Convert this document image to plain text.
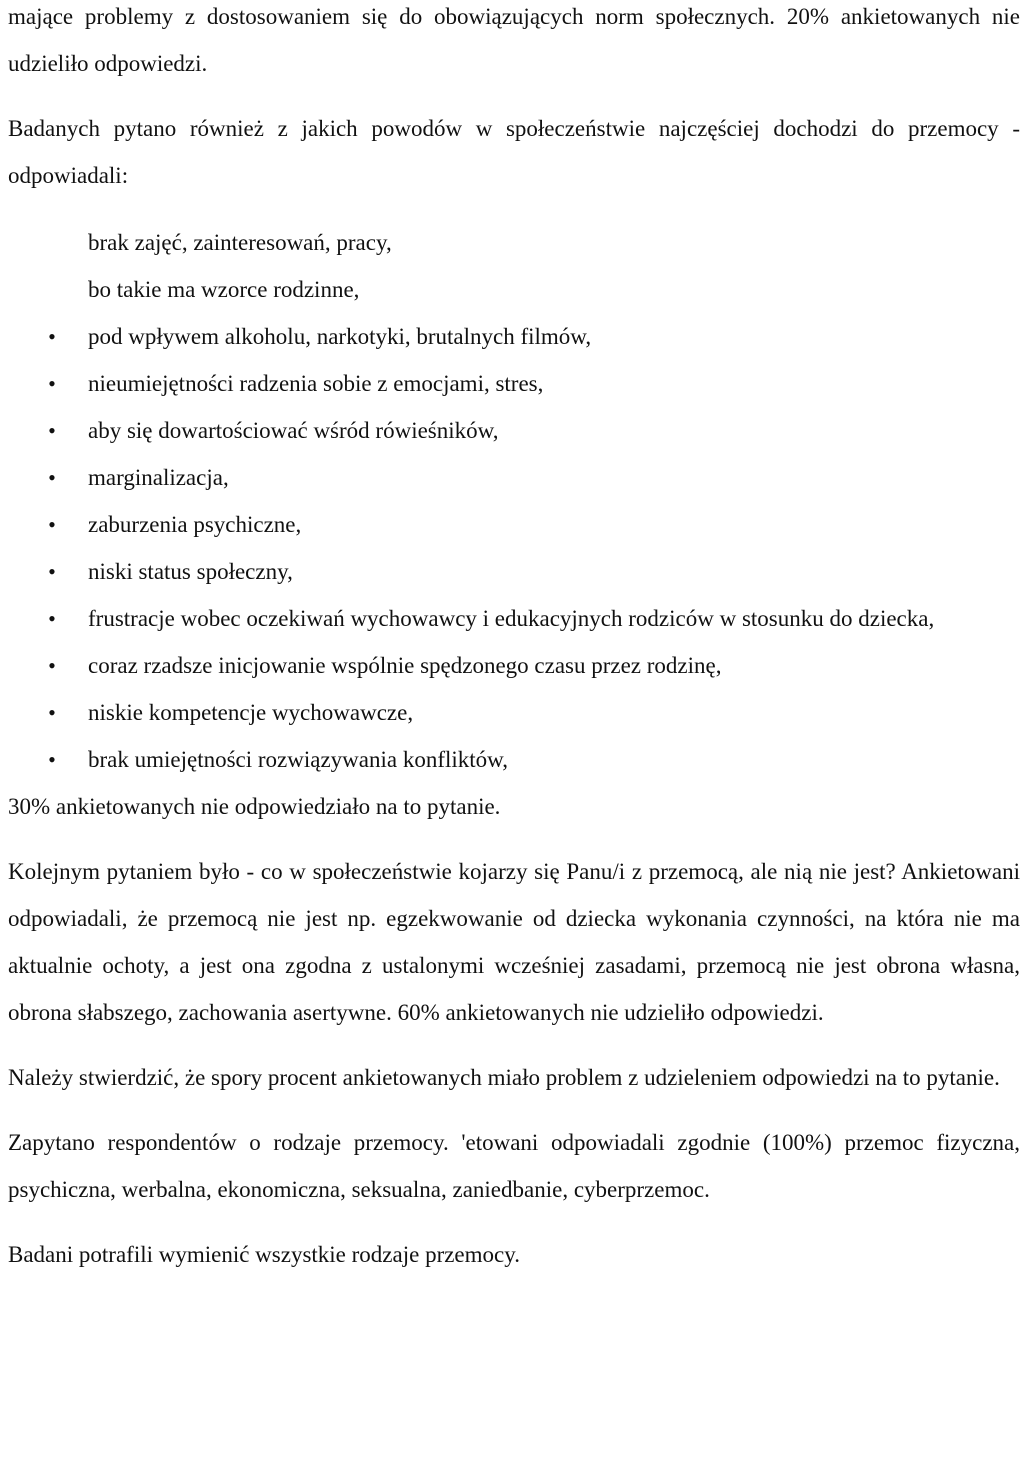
mające problemy z dostosowaniem się do obowiązujących norm społecznych. 20% ankietowanych nie udzieliło odpowiedzi.

Badanych pytano również z jakich powodów w społeczeństwie najczęściej dochodzi do przemocy - odpowiadali:

brak zajęć, zainteresowań, pracy,
bo takie ma wzorce rodzinne,
• pod wpływem alkoholu, narkotyki, brutalnych filmów,
• nieumiejętności radzenia sobie z emocjami, stres,
• aby się dowartościować wśród rówieśników,
• marginalizacja,
• zaburzenia psychiczne,
• niski status społeczny,
• frustracje wobec oczekiwań wychowawcy i edukacyjnych rodziców w stosunku do dziecka,
• coraz rzadsze inicjowanie wspólnie spędzonego czasu przez rodzinę,
• niskie kompetencje wychowawcze,
• brak umiejętności rozwiązywania konfliktów,

30% ankietowanych nie odpowiedziało na to pytanie.

Kolejnym pytaniem było - co w społeczeństwie kojarzy się Panu/i z przemocą, ale nią nie jest? Ankietowani odpowiadali, że przemocą nie jest np. egzekwowanie od dziecka wykonania czynności, na która nie ma aktualnie ochoty, a jest ona zgodna z ustalonymi wcześniej zasadami, przemocą nie jest obrona własna, obrona słabszego, zachowania asertywne. 60% ankietowanych nie udzieliło odpowiedzi.

Należy stwierdzić, że spory procent ankietowanych miało problem z udzieleniem odpowiedzi na to pytanie.

Zapytano respondentów o rodzaje przemocy. 'etowani odpowiadali zgodnie (100%) przemoc fizyczna, psychiczna, werbalna, ekonomiczna, seksualna, zaniedbanie, cyberprzemoc.

Badani potrafili wymienić wszystkie rodzaje przemocy.
